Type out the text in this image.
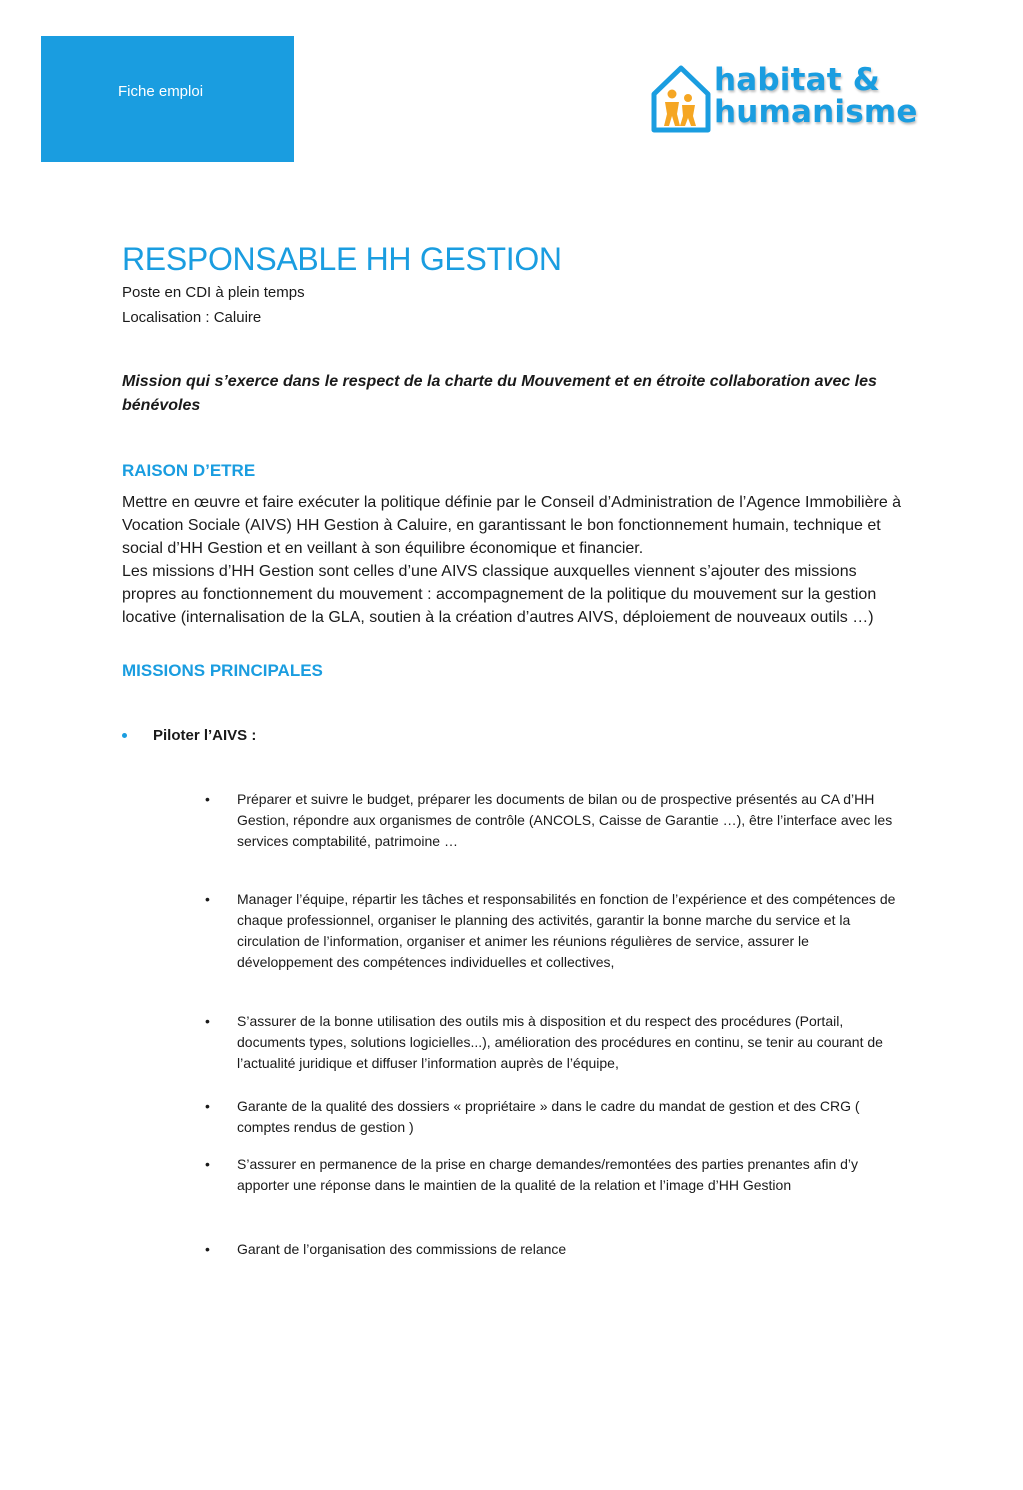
Fiche emploi	habitat &
humanisme
RESPONSABLE HH GESTION
Poste en CDI à plein temps
Localisation : Caluire
Mission qui s’exerce dans le respect de la charte du Mouvement et en étroite collaboration avec les bénévoles
RAISON D’ETRE

Mettre en œuvre et faire exécuter la politique définie par le Conseil d’Administration de l’Agence Immobilière à Vocation Sociale (AIVS) HH Gestion à Caluire, en garantissant le bon fonctionnement humain, technique et social d’HH Gestion et en veillant à son équilibre économique et financier.

Les missions d’HH Gestion sont celles d’une AIVS classique auxquelles viennent s’ajouter des missions propres au fonctionnement du mouvement : accompagnement de la politique du mouvement sur la gestion locative (internalisation de la GLA, soutien à la création d’autres AIVS, déploiement de nouveaux outils …)

MISSIONS PRINCIPALES
Piloter l’AIVS :
• Préparer et suivre le budget, préparer les documents de bilan ou de prospective présentés au CA d’HH Gestion, répondre aux organismes de contrôle (ANCOLS, Caisse de Garantie …), être l’interface avec les services comptabilité, patrimoine …
• Manager l’équipe, répartir les tâches et responsabilités en fonction de l’expérience et des compétences de chaque professionnel, organiser le planning des activités, garantir la bonne marche du service et la circulation de l’information, organiser et animer les réunions régulières de service, assurer le développement des compétences individuelles et collectives,
• S’assurer de la bonne utilisation des outils mis à disposition et du respect des procédures (Portail, documents types, solutions logicielles...), amélioration des procédures en continu, se tenir au courant de l’actualité juridique et diffuser l’information auprès de l’équipe,
• Garante de la qualité des dossiers « propriétaire » dans le cadre du mandat de gestion et des CRG ( comptes rendus de gestion )
• S’assurer en permanence de la prise en charge demandes/remontées des parties prenantes afin d’y apporter une réponse dans le maintien de la qualité de la relation et l’image d’HH Gestion
• Garant de l’organisation des commissions de relance
